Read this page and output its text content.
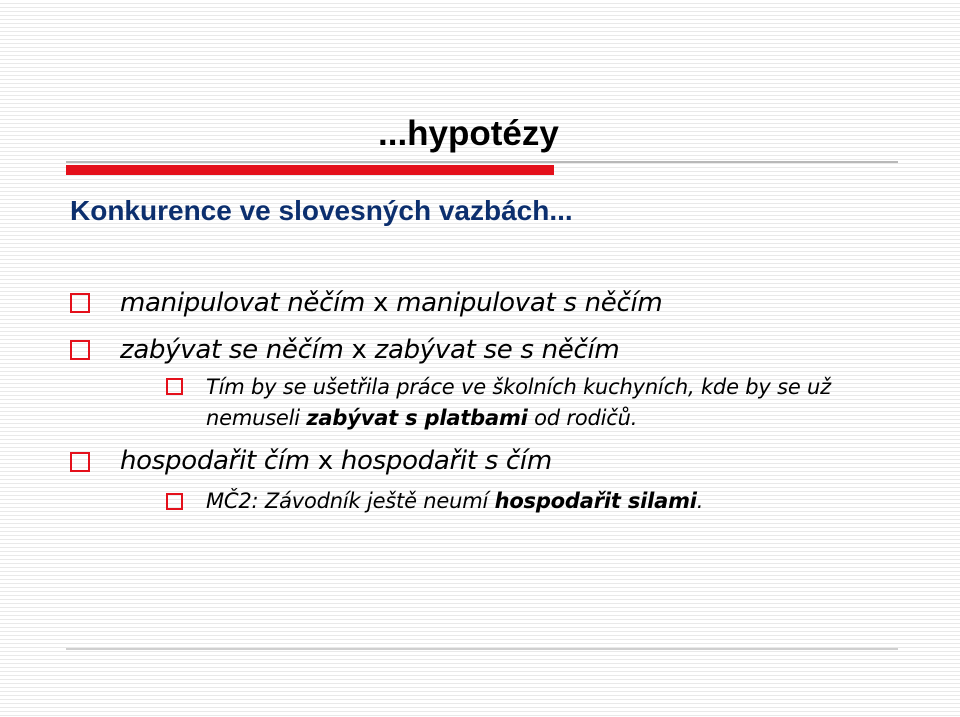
...hypotézy
Konkurence ve slovesných vazbách...
manipulovat něčím x manipulovat s něčím
zabývat se něčím x zabývat se s něčím
Tím by se ušetřila práce ve školních kuchyních, kde by se už
nemuseli zabývat s platbami od rodičů.
hospodařit čím x hospodařit s čím
MČ2: Závodník ještě neumí hospodařit silami.
